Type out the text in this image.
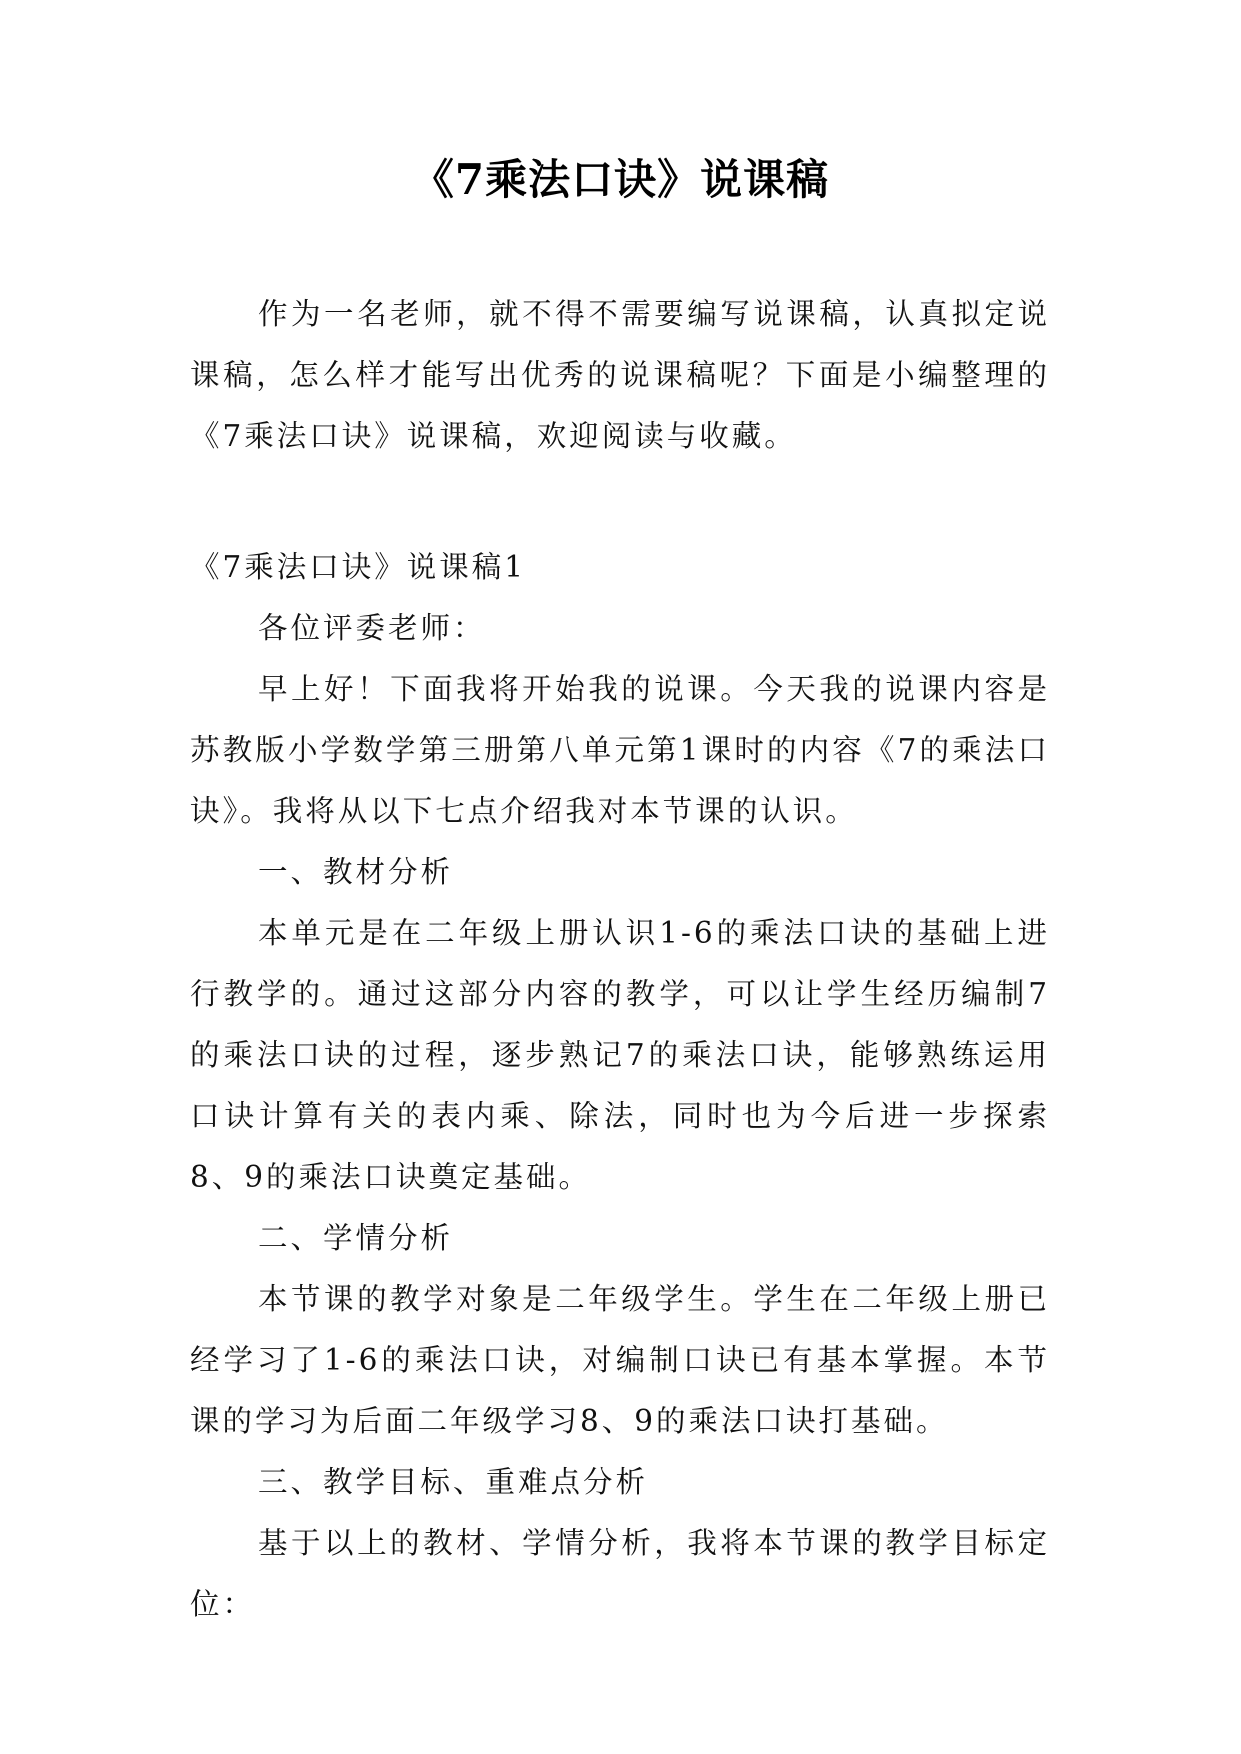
《7乘法口诀》说课稿

作为一名老师，就不得不需要编写说课稿，认真拟定说课稿，怎么样才能写出优秀的说课稿呢？下面是小编整理的《7乘法口诀》说课稿，欢迎阅读与收藏。

《7乘法口诀》说课稿1

各位评委老师：

早上好！下面我将开始我的说课。今天我的说课内容是苏教版小学数学第三册第八单元第1课时的内容《7的乘法口诀》。我将从以下七点介绍我对本节课的认识。

一、教材分析

本单元是在二年级上册认识1-6的乘法口诀的基础上进行教学的。通过这部分内容的教学，可以让学生经历编制7的乘法口诀的过程，逐步熟记7的乘法口诀，能够熟练运用口诀计算有关的表内乘、除法，同时也为今后进一步探索8、9的乘法口诀奠定基础。

二、学情分析

本节课的教学对象是二年级学生。学生在二年级上册已经学习了1-6的乘法口诀，对编制口诀已有基本掌握。本节课的学习为后面二年级学习8、9的乘法口诀打基础。

三、教学目标、重难点分析

基于以上的教材、学情分析，我将本节课的教学目标定位：
